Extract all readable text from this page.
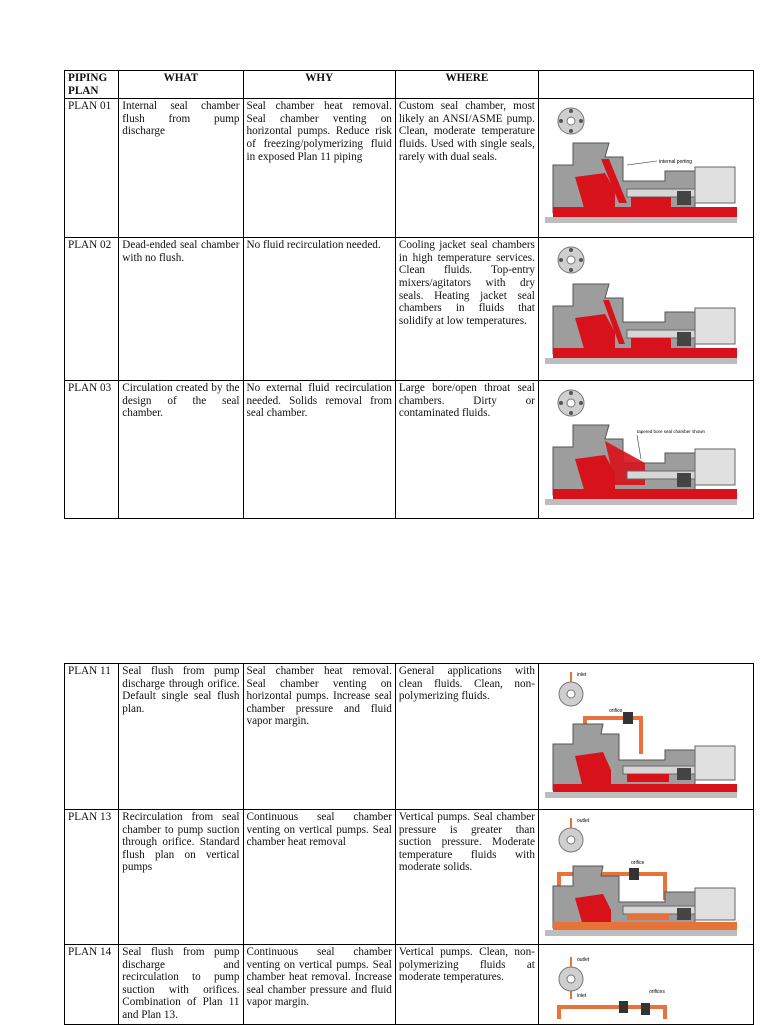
PIPING PLAN	WHAT	WHY	WHERE	
PLAN 01	Internal seal chamber flush from pump discharge	Seal chamber heat removal. Seal chamber venting on horizontal pumps. Reduce risk of freezing/polymerizing fluid in exposed Plan 11 piping	Custom seal chamber, most likely an ANSI/ASME pump. Clean, moderate temperature fluids. Used with single seals, rarely with dual seals.	internal porting

PLAN 02	Dead-ended seal chamber with no flush.	No fluid recirculation needed.	Cooling jacket seal chambers in high temperature services. Clean fluids. Top-entry mixers/agitators with dry seals. Heating jacket seal chambers in fluids that solidify at low temperatures.	

PLAN 03	Circulation created by the design of the seal chamber.	No external fluid recirculation needed. Solids removal from seal chamber.	Large bore/open throat seal chambers. Dirty or contaminated fluids.	tapered bore seal chamber shown
PLAN 11	Seal flush from pump discharge through orifice. Default single seal flush plan.	Seal chamber heat removal. Seal chamber venting on horizontal pumps. Increase seal chamber pressure and fluid vapor margin.	General applications with clean fluids. Clean, non-polymerizing fluids.	inlet
orifice

PLAN 13	Recirculation from seal chamber to pump suction through orifice. Standard flush plan on vertical pumps	Continuous seal chamber venting on vertical pumps. Seal chamber heat removal	Vertical pumps. Seal chamber pressure is greater than suction pressure. Moderate temperature fluids with moderate solids.	outlet
orifice

PLAN 14	Seal flush from pump discharge and recirculation to pump suction with orifices. Combination of Plan 11 and Plan 13.	Continuous seal chamber venting on vertical pumps. Seal chamber heat removal. Increase seal chamber pressure and fluid vapor margin.	Vertical pumps. Clean, non-polymerizing fluids at moderate temperatures.	outlet
inlet
orifices
